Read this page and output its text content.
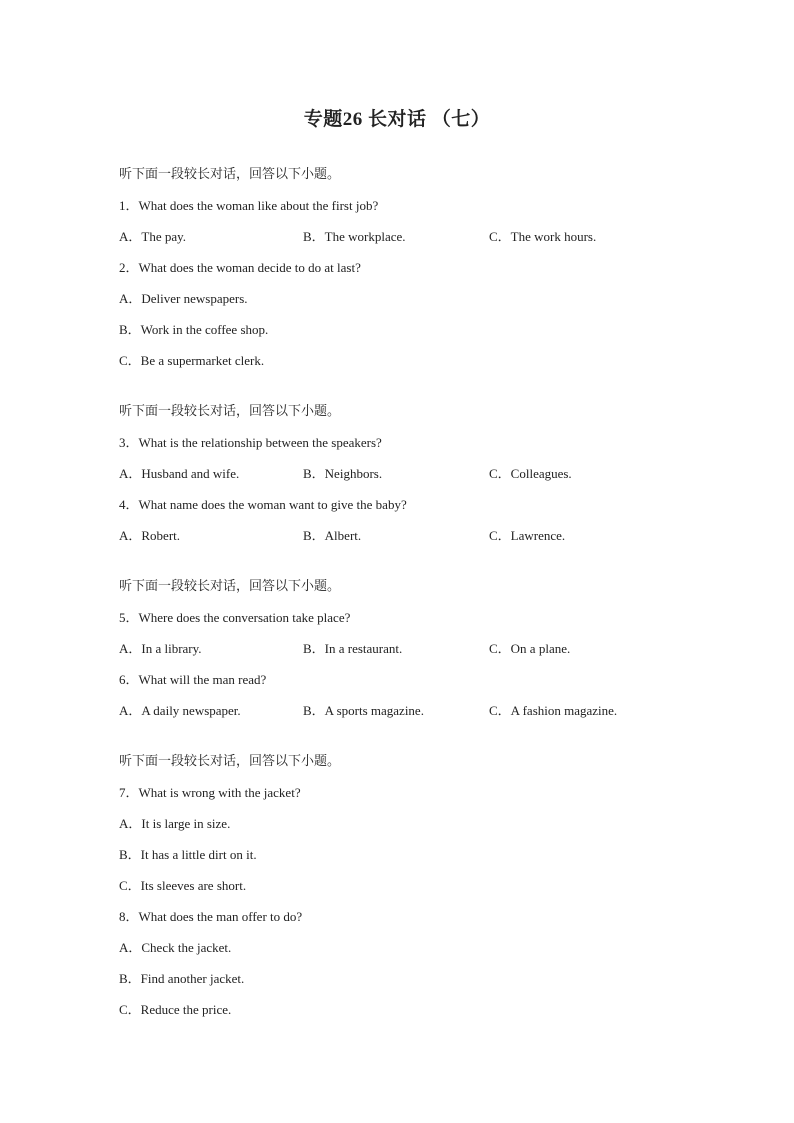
专题26 长对话 （七）
听下面一段较长对话，回答以下小题。
1．What does the woman like about the first job?
A．The pay.	B．The workplace.	C．The work hours.
2．What does the woman decide to do at last?
A．Deliver newspapers.
B．Work in the coffee shop.
C．Be a supermarket clerk.
听下面一段较长对话，回答以下小题。
3．What is the relationship between the speakers?
A．Husband and wife.	B．Neighbors.	C．Colleagues.
4．What name does the woman want to give the baby?
A．Robert.	B．Albert.	C．Lawrence.
听下面一段较长对话，回答以下小题。
5．Where does the conversation take place?
A．In a library.	B．In a restaurant.	C．On a plane.
6．What will the man read?
A．A daily newspaper.	B．A sports magazine.	C．A fashion magazine.
听下面一段较长对话，回答以下小题。
7．What is wrong with the jacket?
A．It is large in size.
B．It has a little dirt on it.
C．Its sleeves are short.
8．What does the man offer to do?
A．Check the jacket.
B．Find another jacket.
C．Reduce the price.
